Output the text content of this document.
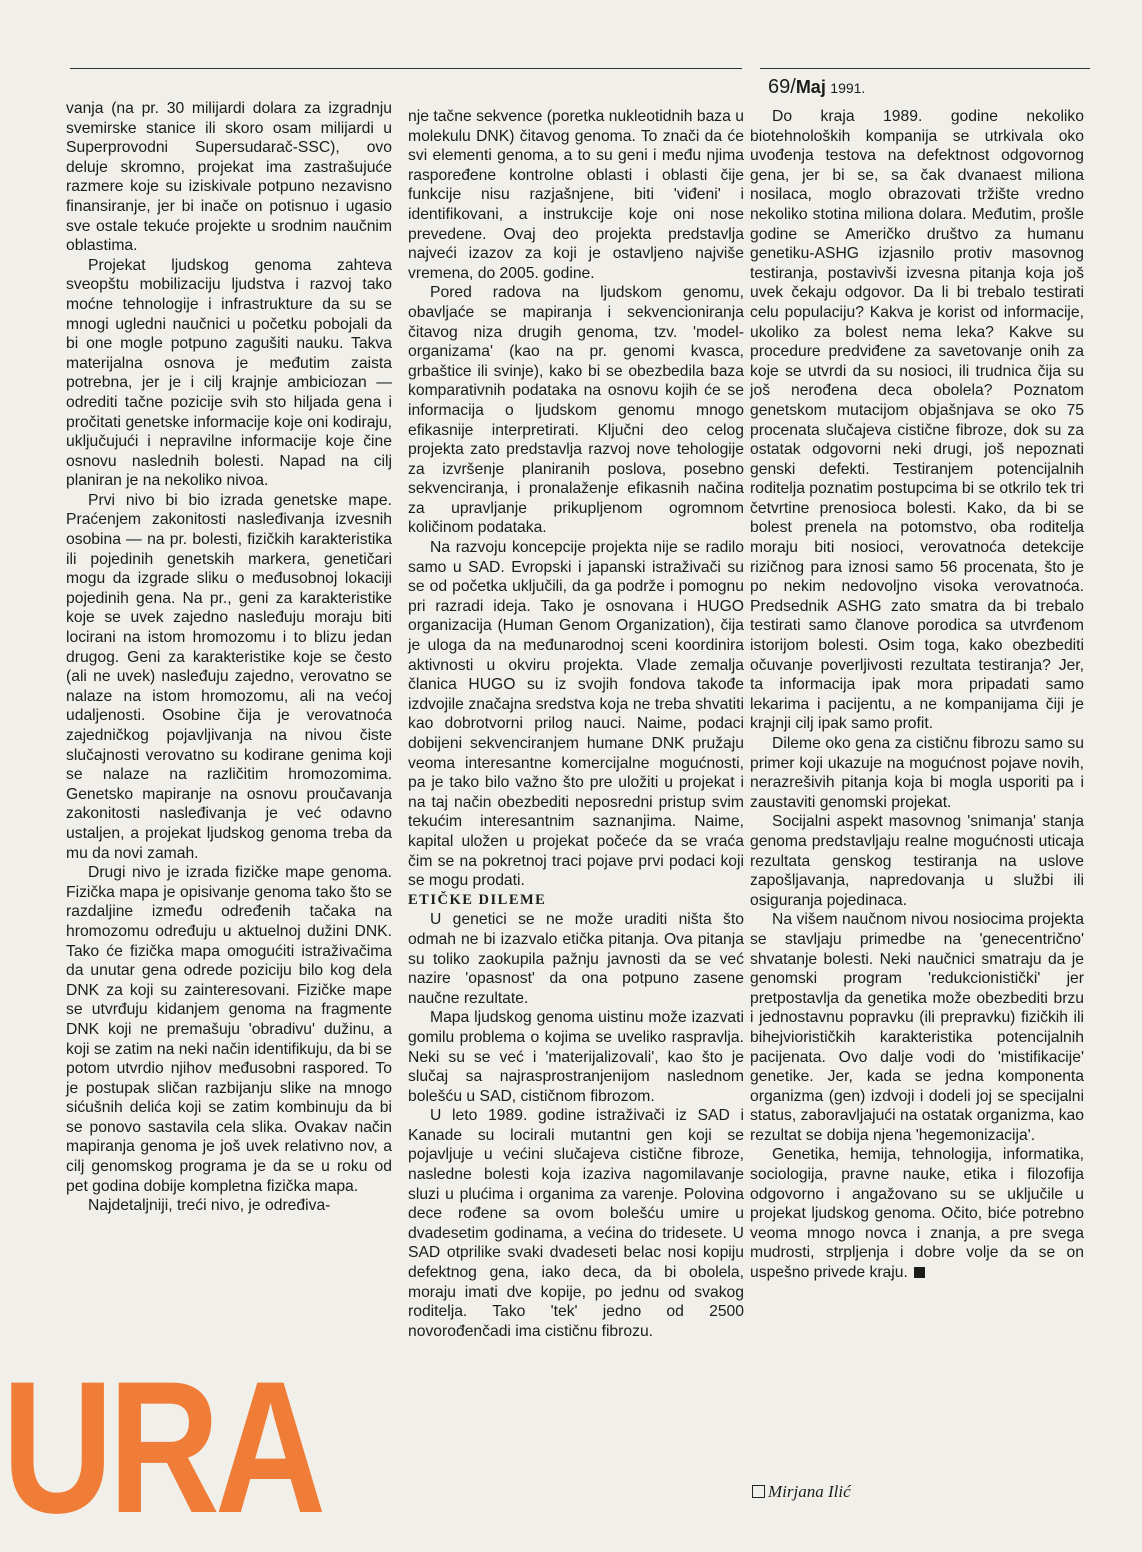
69/Maj 1991.

vanja (na pr. 30 milijardi dolara za izgradnju svemirske stanice ili skoro osam milijardi u Superprovodni Supersudarač-SSC), ovo deluje skromno, projekat ima zastrašujuće razmere koje su iziskivale potpuno nezavisno finansiranje, jer bi inače on potisnuo i ugasio sve ostale tekuće projekte u srodnim naučnim oblastima.

Projekat ljudskog genoma zahteva sveopštu mobilizaciju ljudstva i razvoj tako moćne tehnologije i infrastrukture da su se mnogi ugledni naučnici u početku pobojali da bi one mogle potpuno zagušiti nauku. Takva materijalna osnova je međutim zaista potrebna, jer je i cilj krajnje ambiciozan — odrediti tačne pozicije svih sto hiljada gena i pročitati genetske informacije koje oni kodiraju, uključujući i nepravilne informacije koje čine osnovu naslednih bolesti. Napad na cilj planiran je na nekoliko nivoa.

Prvi nivo bi bio izrada genetske mape. Praćenjem zakonitosti nasleđivanja izvesnih osobina — na pr. bolesti, fizičkih karakteristika ili pojedinih genetskih markera, genetičari mogu da izgrade sliku o međusobnoj lokaciji pojedinih gena. Na pr., geni za karakteristike koje se uvek zajedno nasleđuju moraju biti locirani na istom hromozomu i to blizu jedan drugog. Geni za karakteristike koje se često (ali ne uvek) nasleđuju zajedno, verovatno se nalaze na istom hromozomu, ali na većoj udaljenosti. Osobine čija je verovatnoća zajedničkog pojavljivanja na nivou čiste slučajnosti verovatno su kodirane genima koji se nalaze na različitim hromozomima. Genetsko mapiranje na osnovu proučavanja zakonitosti nasleđivanja je već odavno ustaljen, a projekat ljudskog genoma treba da mu da novi zamah.

Drugi nivo je izrada fizičke mape genoma. Fizička mapa je opisivanje genoma tako što se razdaljine između određenih tačaka na hromozomu određuju u aktuelnoj dužini DNK. Tako će fizička mapa omogućiti istraživačima da unutar gena odrede poziciju bilo kog dela DNK za koji su zainteresovani. Fizičke mape se utvrđuju kidanjem genoma na fragmente DNK koji ne premašuju 'obradivu' dužinu, a koji se zatim na neki način identifikuju, da bi se potom utvrdio njihov međusobni raspored. To je postupak sličan razbijanju slike na mnogo sićušnih delića koji se zatim kombinuju da bi se ponovo sastavila cela slika. Ovakav način mapiranja genoma je još uvek relativno nov, a cilj genomskog programa je da se u roku od pet godina dobije kompletna fizička mapa.

Najdetaljniji, treći nivo, je određiva-

nje tačne sekvence (poretka nukleotidnih baza u molekulu DNK) čitavog genoma. To znači da će svi elementi genoma, a to su geni i među njima raspoređene kontrolne oblasti i oblasti čije funkcije nisu razjašnjene, biti 'viđeni' i identifikovani, a instrukcije koje oni nose prevedene. Ovaj deo projekta predstavlja najveći izazov za koji je ostavljeno najviše vremena, do 2005. godine.

Pored radova na ljudskom genomu, obavljaće se mapiranja i sekvencioniranja čitavog niza drugih genoma, tzv. 'model-organizama' (kao na pr. genomi kvasca, grbaštice ili svinje), kako bi se obezbedila baza komparativnih podataka na osnovu kojih će se informacija o ljudskom genomu mnogo efikasnije interpretirati. Ključni deo celog projekta zato predstavlja razvoj nove tehologije za izvršenje planiranih poslova, posebno sekvenciranja, i pronalaženje efikasnih načina za upravljanje prikupljenom ogromnom količinom podataka.

Na razvoju koncepcije projekta nije se radilo samo u SAD. Evropski i japanski istraživači su se od početka uključili, da ga podrže i pomognu pri razradi ideja. Tako je osnovana i HUGO organizacija (Human Genom Organization), čija je uloga da na međunarodnoj sceni koordinira aktivnosti u okviru projekta. Vlade zemalja članica HUGO su iz svojih fondova takođe izdvojile značajna sredstva koja ne treba shvatiti kao dobrotvorni prilog nauci. Naime, podaci dobijeni sekvenciranjem humane DNK pružaju veoma interesantne komercijalne mogućnosti, pa je tako bilo važno što pre uložiti u projekat i na taj način obezbediti neposredni pristup svim tekućim interesantnim saznanjima. Naime, kapital uložen u projekat počeće da se vraća čim se na pokretnoj traci pojave prvi podaci koji se mogu prodati.

ETIČKE DILEME

U genetici se ne može uraditi ništa što odmah ne bi izazvalo etička pitanja. Ova pitanja su toliko zaokupila pažnju javnosti da se već nazire 'opasnost' da ona potpuno zasene naučne rezultate.

Mapa ljudskog genoma uistinu može izazvati gomilu problema o kojima se uveliko raspravlja. Neki su se već i 'materijalizovali', kao što je slučaj sa najrasprostranjenijom naslednom bolešću u SAD, cističnom fibrozom.

U leto 1989. godine istraživači iz SAD i Kanade su locirali mutantni gen koji se pojavljuje u većini slučajeva cistične fibroze, nasledne bolesti koja izaziva nagomilavanje sluzi u plućima i organima za varenje. Polovina dece rođene sa ovom bolešću umire u dvadesetim godinama, a većina do tridesete. U SAD otprilike svaki dvadeseti belac nosi kopiju defektnog gena, iako deca, da bi obolela, moraju imati dve kopije, po jednu od svakog roditelja. Tako 'tek' jedno od 2500 novorođenčadi ima cističnu fibrozu.

Do kraja 1989. godine nekoliko biotehnoloških kompanija se utrkivala oko uvođenja testova na defektnost odgovornog gena, jer bi se, sa čak dvanaest miliona nosilaca, moglo obrazovati tržište vredno nekoliko stotina miliona dolara. Međutim, prošle godine se Američko društvo za humanu genetiku-ASHG izjasnilo protiv masovnog testiranja, postavivši izvesna pitanja koja još uvek čekaju odgovor. Da li bi trebalo testirati celu populaciju? Kakva je korist od informacije, ukoliko za bolest nema leka? Kakve su procedure predviđene za savetovanje onih za koje se utvrdi da su nosioci, ili trudnica čija su još nerođena deca obolela? Poznatom genetskom mutacijom objašnjava se oko 75 procenata slučajeva cistične fibroze, dok su za ostatak odgovorni neki drugi, još nepoznati genski defekti. Testiranjem potencijalnih roditelja poznatim postupcima bi se otkrilo tek tri četvrtine prenosioca bolesti. Kako, da bi se bolest prenela na potomstvo, oba roditelja moraju biti nosioci, verovatnoća detekcije rizičnog para iznosi samo 56 procenata, što je po nekim nedovoljno visoka verovatnoća. Predsednik ASHG zato smatra da bi trebalo testirati samo članove porodica sa utvrđenom istorijom bolesti. Osim toga, kako obezbediti očuvanje poverljivosti rezultata testiranja? Jer, ta informacija ipak mora pripadati samo lekarima i pacijentu, a ne kompanijama čiji je krajnji cilj ipak samo profit.

Dileme oko gena za cističnu fibrozu samo su primer koji ukazuje na mogućnost pojave novih, nerazrešivih pitanja koja bi mogla usporiti pa i zaustaviti genomski projekat.

Socijalni aspekt masovnog 'snimanja' stanja genoma predstavljaju realne mogućnosti uticaja rezultata genskog testiranja na uslove zapošljavanja, napredovanja u službi ili osiguranja pojedinaca.

Na višem naučnom nivou nosiocima projekta se stavljaju primedbe na 'genecentrično' shvatanje bolesti. Neki naučnici smatraju da je genomski program 'redukcionistički' jer pretpostavlja da genetika može obezbediti brzu i jednostavnu popravku (ili prepravku) fizičkih ili bihejviorističkih karakteristika potencijalnih pacijenata. Ovo dalje vodi do 'mistifikacije' genetike. Jer, kada se jedna komponenta organizma (gen) izdvoji i dodeli joj se specijalni status, zaboravljajući na ostatak organizma, kao rezultat se dobija njena 'hegemonizacija'.

Genetika, hemija, tehnologija, informatika, sociologija, pravne nauke, etika i filozofija odgovorno i angažovano su se uključile u projekat ljudskog genoma. Očito, biće potrebno veoma mnogo novca i znanja, a pre svega mudrosti, strpljenja i dobre volje da se on uspešno privede kraju.

URA	Mirjana Ilić
